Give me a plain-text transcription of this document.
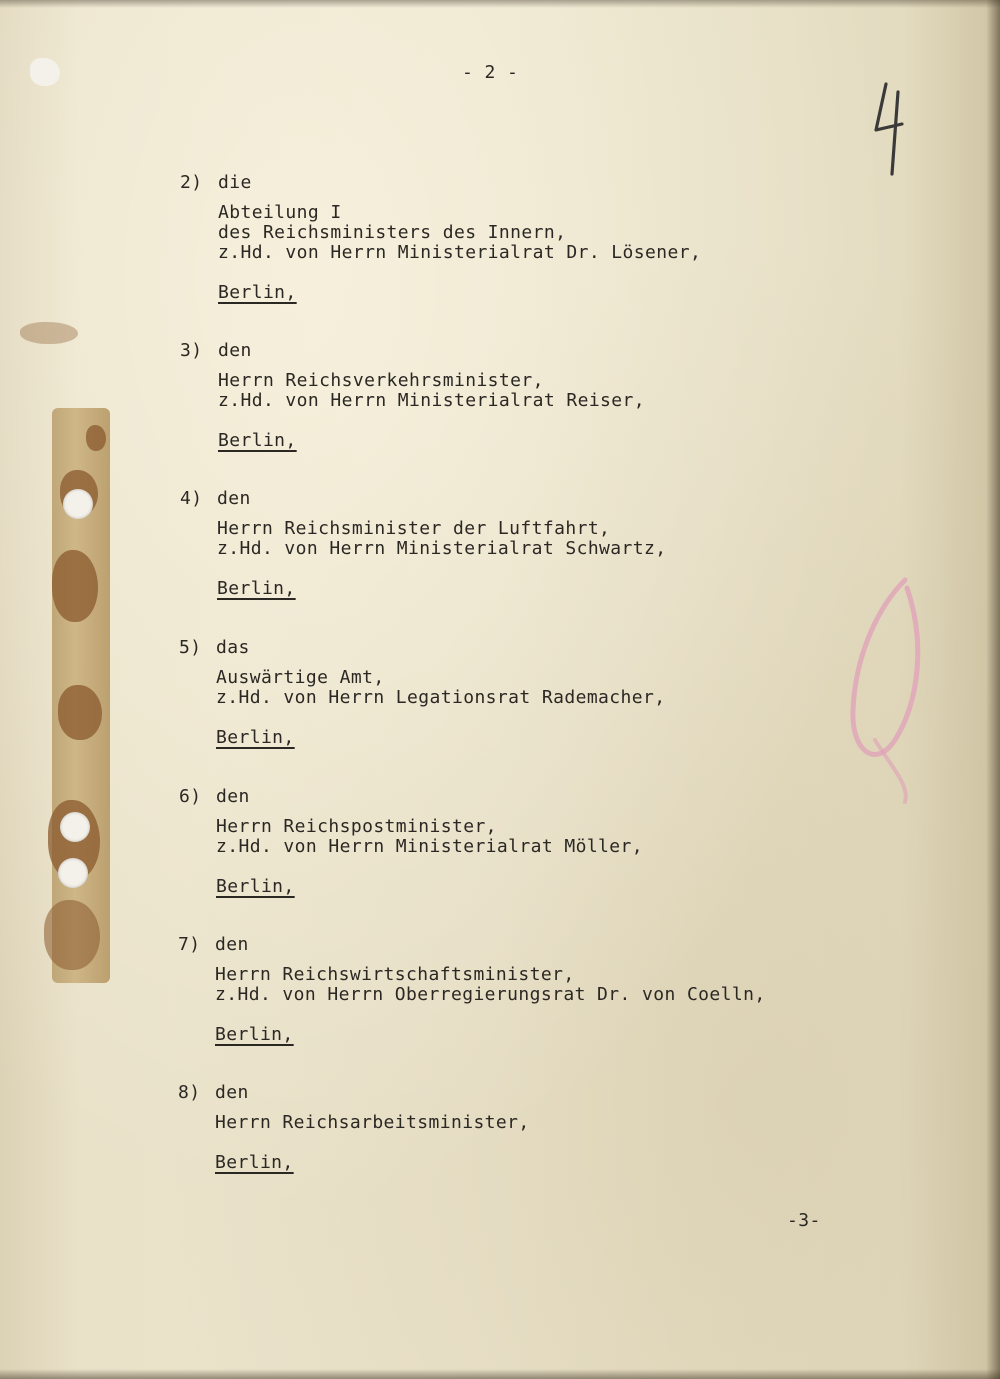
- 2 -

2) die

Abteilung I

des Reichsministers des Innern,

z.Hd. von Herrn Ministerialrat Dr. Lösener,

Berlin,

3) den

Herrn Reichsverkehrsminister,

z.Hd. von Herrn Ministerialrat Reiser,

Berlin,

4) den

Herrn Reichsminister der Luftfahrt,

z.Hd. von Herrn Ministerialrat Schwartz,

Berlin,

5) das

Auswärtige Amt,

z.Hd. von Herrn Legationsrat Rademacher,

Berlin,

6) den

Herrn Reichspostminister,

z.Hd. von Herrn Ministerialrat Möller,

Berlin,

7) den

Herrn Reichswirtschaftsminister,

z.Hd. von Herrn Oberregierungsrat Dr. von Coelln,

Berlin,

8) den

Herrn Reichsarbeitsminister,

Berlin,

-3-
